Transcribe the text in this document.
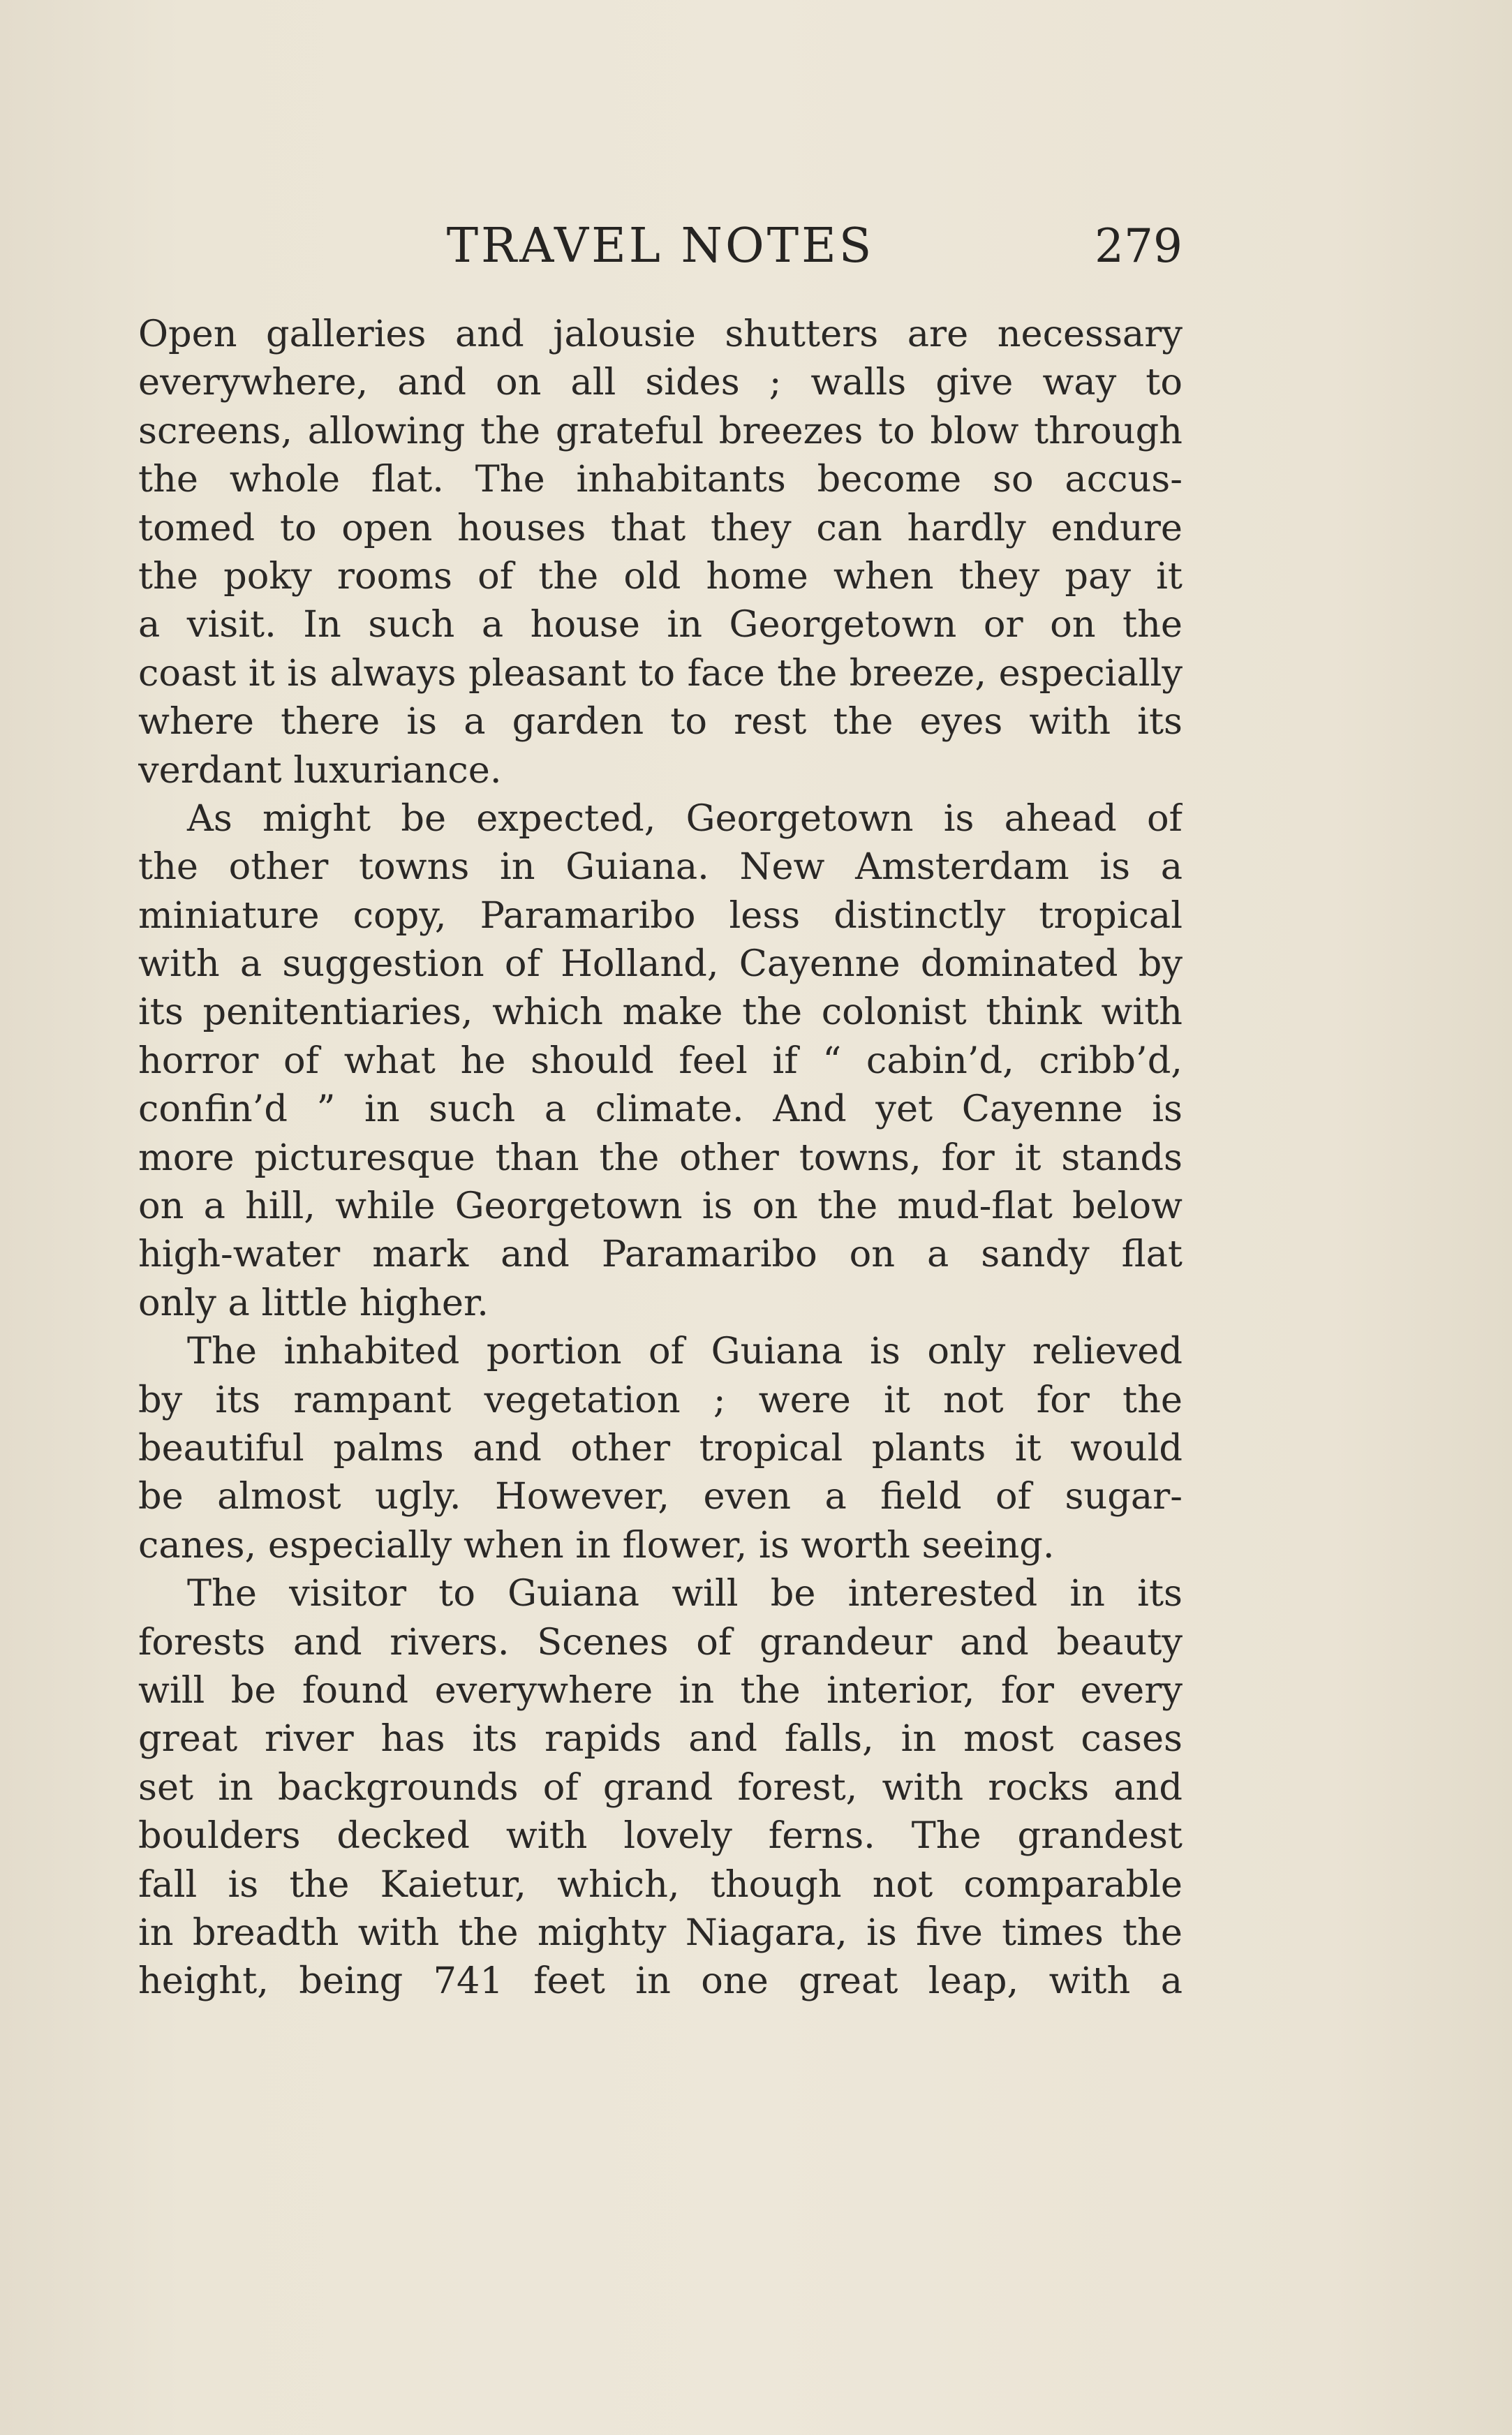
TRAVEL NOTES	279
Open galleries and jalousie shutters are necessary
everywhere, and on all sides ; walls give way to
screens, allowing the grateful breezes to blow through
the whole flat. The inhabitants become so accus-
tomed to open houses that they can hardly endure
the poky rooms of the old home when they pay it
a visit. In such a house in Georgetown or on the
coast it is always pleasant to face the breeze, especially
where there is a garden to rest the eyes with its
verdant luxuriance.
As might be expected, Georgetown is ahead of
the other towns in Guiana. New Amsterdam is a
miniature copy, Paramaribo less distinctly tropical
with a suggestion of Holland, Cayenne dominated by
its penitentiaries, which make the colonist think with
horror of what he should feel if “ cabin’d, cribb’d,
confin’d ” in such a climate. And yet Cayenne is
more picturesque than the other towns, for it stands
on a hill, while Georgetown is on the mud-flat below
high-water mark and Paramaribo on a sandy flat
only a little higher.
The inhabited portion of Guiana is only relieved
by its rampant vegetation ; were it not for the
beautiful palms and other tropical plants it would
be almost ugly. However, even a field of sugar-
canes, especially when in flower, is worth seeing.
The visitor to Guiana will be interested in its
forests and rivers. Scenes of grandeur and beauty
will be found everywhere in the interior, for every
great river has its rapids and falls, in most cases
set in backgrounds of grand forest, with rocks and
boulders decked with lovely ferns. The grandest
fall is the Kaietur, which, though not comparable
in breadth with the mighty Niagara, is five times the
height, being 741 feet in one great leap, with a
